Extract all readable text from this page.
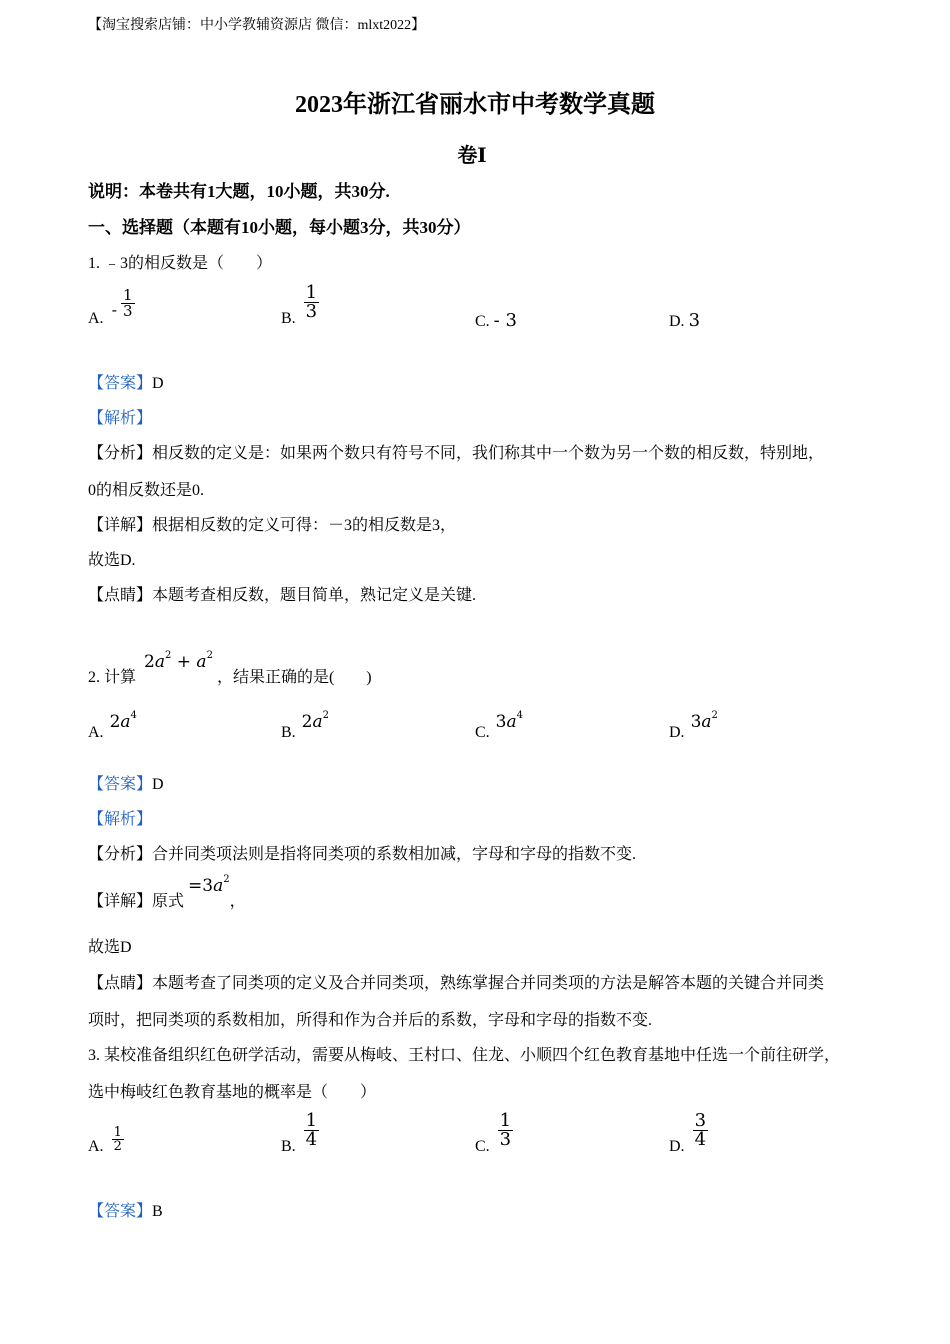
【淘宝搜索店铺：中小学教辅资源店 微信：mlxt2022】
2023年浙江省丽水市中考数学真题
卷Ⅰ
说明：本卷共有1大题，10小题，共30分.
一、选择题（本题有10小题，每小题3分，共30分）
1. ﹣3的相反数是（　　）
A. - $\frac{1}{3}$	B. $\frac{1}{3}$
C. - 3	D. 3
【答案】D
【解析】
【分析】相反数的定义是：如果两个数只有符号不同，我们称其中一个数为另一个数的相反数，特别地，
0的相反数还是0.
【详解】根据相反数的定义可得：－3的相反数是3，
故选D.
【点睛】本题考查相反数，题目简单，熟记定义是关键.
2. 计算 $2a^2 + a^2$ ，结果正确的是(　　)
A. $2a^4$
B. $2a^2$
C. $3a^4$
D. $3a^2$
【答案】D
【解析】
【分析】合并同类项法则是指将同类项的系数相加减，字母和字母的指数不变.
【详解】原式 $=3a^2$，
故选D
【点睛】本题考查了同类项的定义及合并同类项，熟练掌握合并同类项的方法是解答本题的关键合并同类
项时，把同类项的系数相加，所得和作为合并后的系数，字母和字母的指数不变.
3. 某校准备组织红色研学活动，需要从梅岐、王村口、住龙、小顺四个红色教育基地中任选一个前往研学，
选中梅岐红色教育基地的概率是（　　）
A. $\frac{1}{2}$	B. $\frac{1}{4}$	C. $\frac{1}{3}$	D. $\frac{3}{4}$
【答案】B
